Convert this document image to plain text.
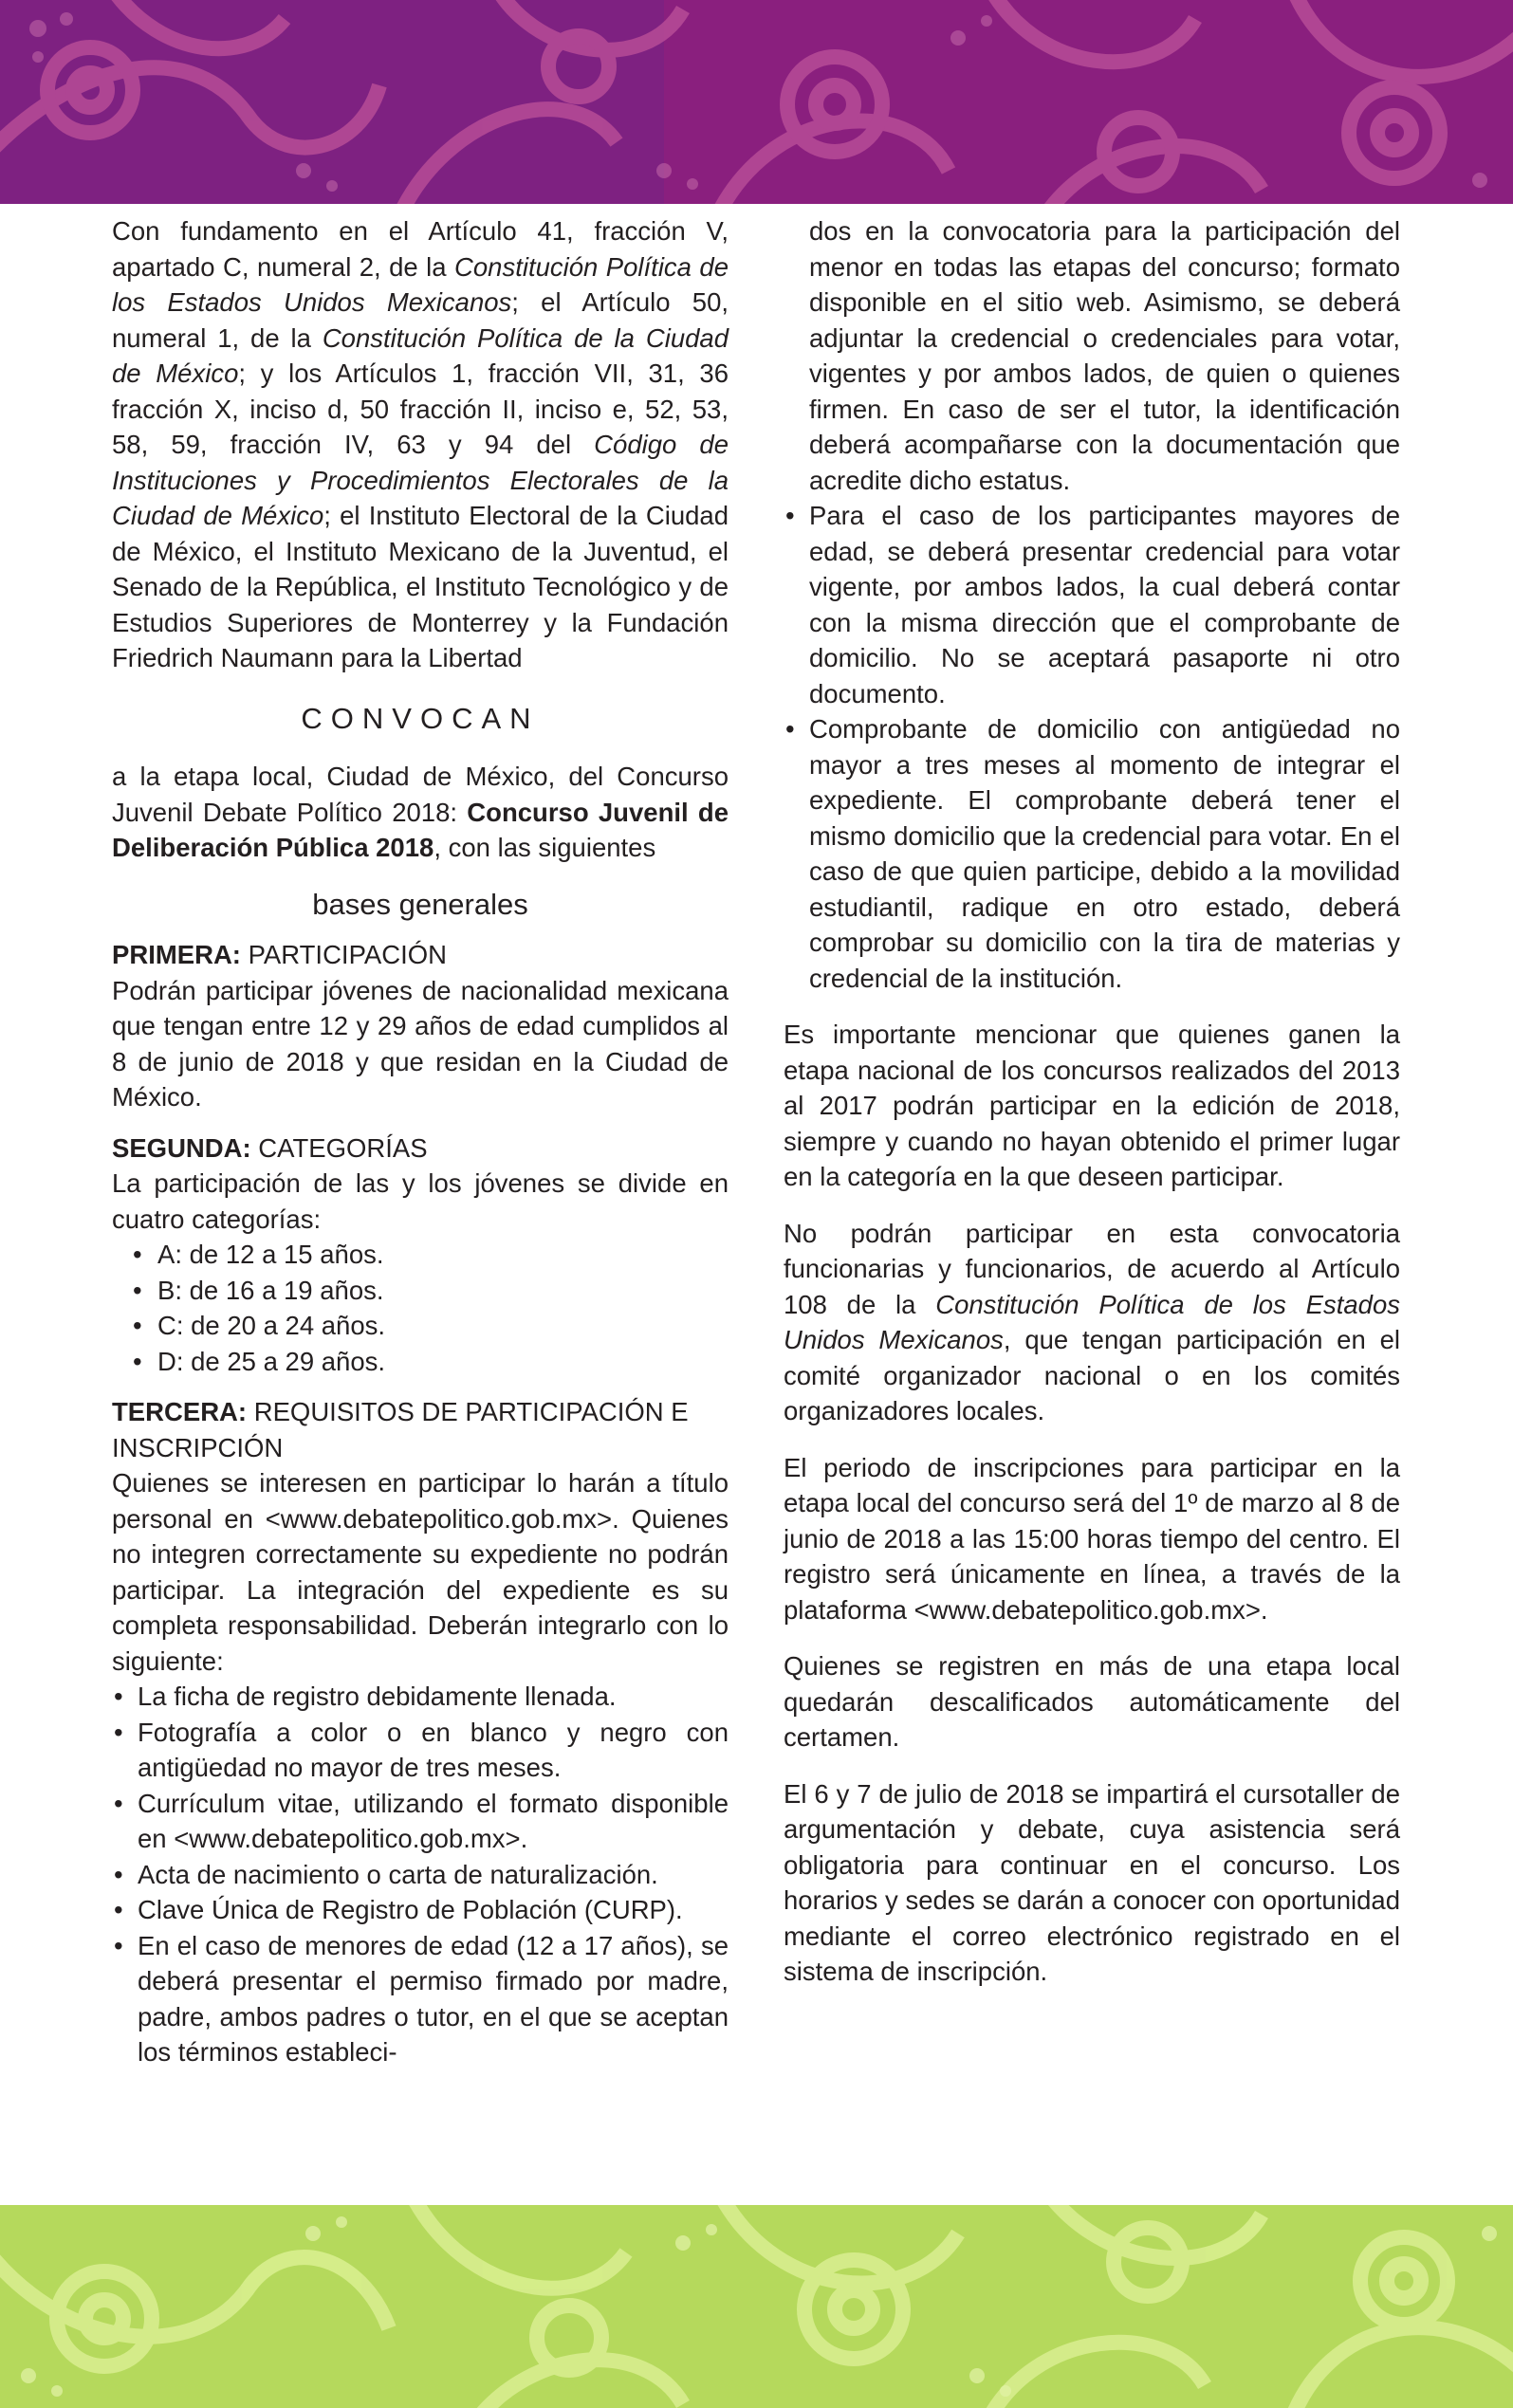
Con fundamento en el Artículo 41, fracción V, apartado C, numeral 2, de la Constitución Política de los Estados Unidos Mexicanos; el Artículo 50, numeral 1, de la Constitución Política de la Ciudad de México; y los Artículos 1, fracción VII, 31, 36 fracción X, inciso d, 50 fracción II, inciso e, 52, 53, 58, 59, fracción IV, 63 y 94 del Código de Instituciones y Procedimientos Electorales de la Ciudad de México; el Instituto Electoral de la Ciudad de México, el Instituto Mexicano de la Juventud, el Senado de la República, el Instituto Tecnológico y de Estudios Superiores de Monterrey y la Fundación Friedrich Naumann para la Libertad

CONVOCAN

a la etapa local, Ciudad de México, del Concurso Juvenil Debate Político 2018: Concurso Juvenil de Deliberación Pública 2018, con las siguientes

bases generales

PRIMERA: PARTICIPACIÓN

Podrán participar jóvenes de nacionalidad mexicana que tengan entre 12 y 29 años de edad cumplidos al 8 de junio de 2018 y que residan en la Ciudad de México.

SEGUNDA: CATEGORÍAS

La participación de las y los jóvenes se divide en cuatro categorías:

• A: de 12 a 15 años.
• B: de 16 a 19 años.
• C: de 20 a 24 años.
• D: de 25 a 29 años.

TERCERA: REQUISITOS DE PARTICIPACIÓN E INSCRIPCIÓN

Quienes se interesen en participar lo harán a título personal en <www.debatepolitico.gob.mx>. Quienes no integren correctamente su expediente no podrán participar. La integración del expediente es su completa responsabilidad. Deberán integrarlo con lo siguiente:

• La ficha de registro debidamente llenada.
• Fotografía a color o en blanco y negro con antigüedad no mayor de tres meses.
• Currículum vitae, utilizando el formato disponible en <www.debatepolitico.gob.mx>.
• Acta de nacimiento o carta de naturalización.
• Clave Única de Registro de Población (CURP).
• En el caso de menores de edad (12 a 17 años), se deberá presentar el permiso firmado por madre, padre, ambos padres o tutor, en el que se aceptan los términos estableci-

dos en la convocatoria para la participación del menor en todas las etapas del concurso; formato disponible en el sitio web. Asimismo, se deberá adjuntar la credencial o credenciales para votar, vigentes y por ambos lados, de quien o quienes firmen. En caso de ser el tutor, la identificación deberá acompañarse con la documentación que acredite dicho estatus.

• Para el caso de los participantes mayores de edad, se deberá presentar credencial para votar vigente, por ambos lados, la cual deberá contar con la misma dirección que el comprobante de domicilio. No se aceptará pasaporte ni otro documento.
• Comprobante de domicilio con antigüedad no mayor a tres meses al momento de integrar el expediente. El comprobante deberá tener el mismo domicilio que la credencial para votar. En el caso de que quien participe, debido a la movilidad estudiantil, radique en otro estado, deberá comprobar su domicilio con la tira de materias y credencial de la institución.

Es importante mencionar que quienes ganen la etapa nacional de los concursos realizados del 2013 al 2017 podrán participar en la edición de 2018, siempre y cuando no hayan obtenido el primer lugar en la categoría en la que deseen participar.

No podrán participar en esta convocatoria funcionarias y funcionarios, de acuerdo al Artículo 108 de la Constitución Política de los Estados Unidos Mexicanos, que tengan participación en el comité organizador nacional o en los comités organizadores locales.

El periodo de inscripciones para participar en la etapa local del concurso será del 1º de marzo al 8 de junio de 2018 a las 15:00 horas tiempo del centro. El registro será únicamente en línea, a través de la plataforma <www.debatepolitico.gob.mx>.

Quienes se registren en más de una etapa local quedarán descalificados automáticamente del certamen.

El 6 y 7 de julio de 2018 se impartirá el cursotaller de argumentación y debate, cuya asistencia será obligatoria para continuar en el concurso. Los horarios y sedes se darán a conocer con oportunidad mediante el correo electrónico registrado en el sistema de inscripción.
